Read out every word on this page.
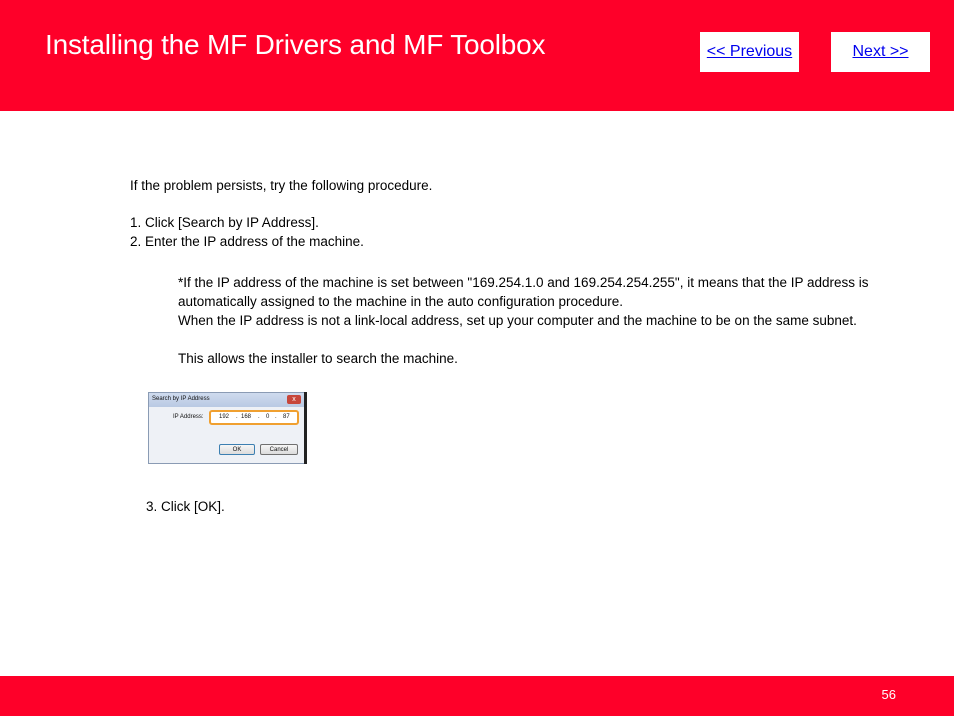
Installing the MF Drivers and MF Toolbox	<< Previous	Next >>
If the problem persists, try the following procedure.
1. Click [Search by IP Address].
2. Enter the IP address of the machine.
*If the IP address of the machine is set between "169.254.1.0 and 169.254.254.255", it means that the IP address is automatically assigned to the machine in the auto configuration procedure.
When the IP address is not a link-local address, set up your computer and the machine to be on the same subnet.
This allows the installer to search the machine.
Search by IP Address	x
IP Address:	192 . 168 . 0 . 87
OK	Cancel
3. Click [OK].
56
